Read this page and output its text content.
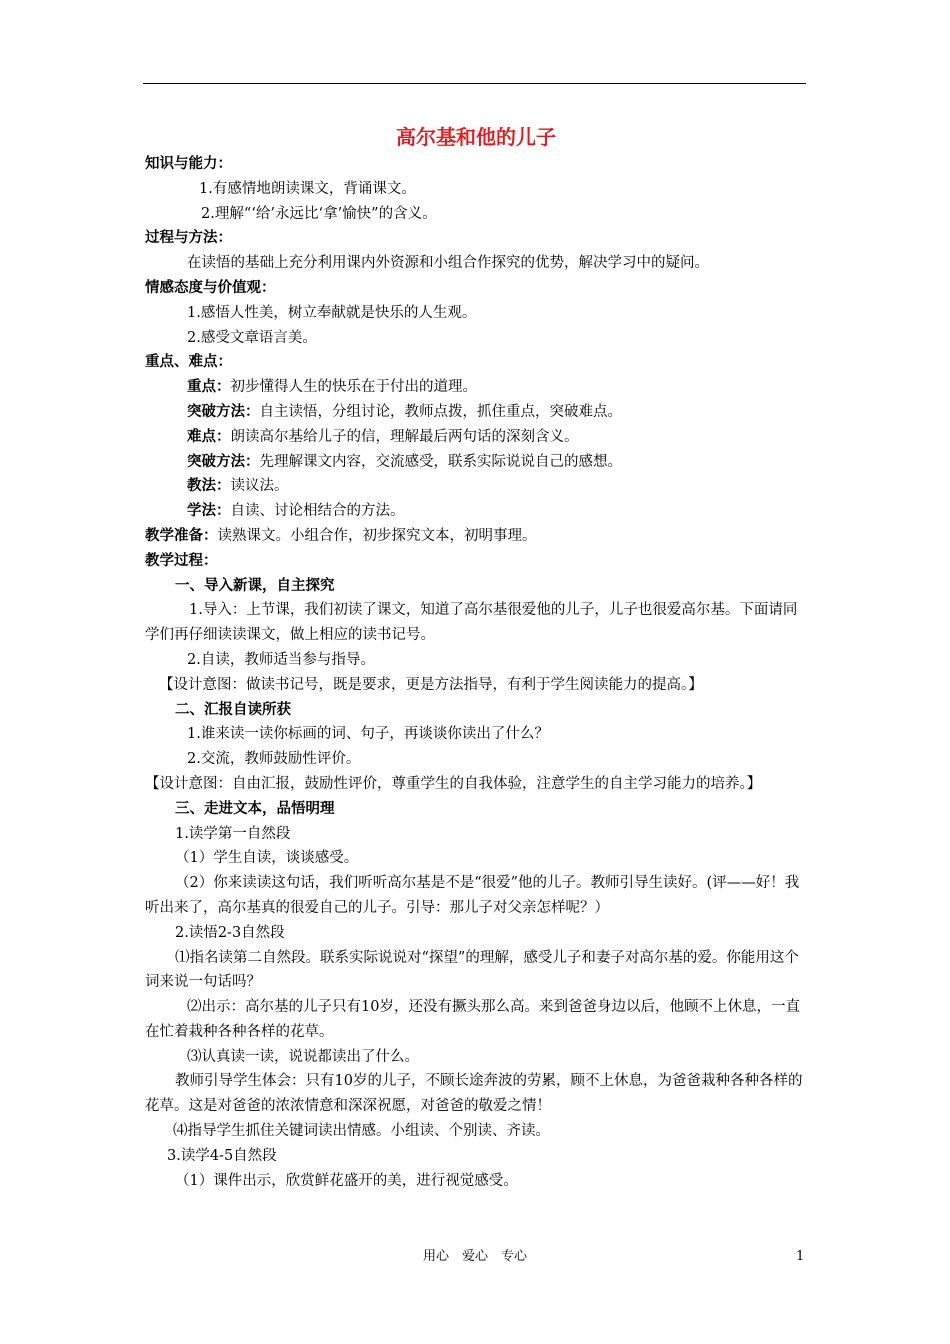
高尔基和他的儿子

知识与能力：

1.有感情地朗读课文，背诵课文。

2.理解“‘给’永远比‘拿’愉快”的含义。

过程与方法：

在读悟的基础上充分利用课内外资源和小组合作探究的优势，解决学习中的疑问。

情感态度与价值观：

1.感悟人性美，树立奉献就是快乐的人生观。

2.感受文章语言美。

重点、难点：

重点：初步懂得人生的快乐在于付出的道理。

突破方法：自主读悟，分组讨论，教师点拨，抓住重点，突破难点。

难点：朗读高尔基给儿子的信，理解最后两句话的深刻含义。

突破方法：先理解课文内容，交流感受，联系实际说说自己的感想。

教法：读议法。

学法：自读、讨论相结合的方法。

教学准备：读熟课文。小组合作，初步探究文本，初明事理。

教学过程：

一、导入新课，自主探究

1.导入：上节课，我们初读了课文，知道了高尔基很爱他的儿子，儿子也很爱高尔基。下面请同学们再仔细读读课文，做上相应的读书记号。

2.自读，教师适当参与指导。

【设计意图：做读书记号，既是要求，更是方法指导，有利于学生阅读能力的提高。】

二、汇报自读所获

1.谁来读一读你标画的词、句子，再谈谈你读出了什么？

2.交流，教师鼓励性评价。

【设计意图：自由汇报，鼓励性评价，尊重学生的自我体验，注意学生的自主学习能力的培养。】

三、走进文本，品悟明理

1.读学第一自然段

（1）学生自读，谈谈感受。

（2）你来读读这句话，我们听听高尔基是不是“很爱”他的儿子。教师引导生读好。(评——好！我听出来了，高尔基真的很爱自己的儿子。引导：那儿子对父亲怎样呢？）

2.读悟2-3自然段

⑴指名读第二自然段。联系实际说说对“探望”的理解，感受儿子和妻子对高尔基的爱。你能用这个词来说一句话吗？

⑵出示：高尔基的儿子只有10岁，还没有撅头那么高。来到爸爸身边以后，他顾不上休息，一直在忙着栽种各种各样的花草。

⑶认真读一读，说说都读出了什么。

教师引导学生体会：只有10岁的儿子，不顾长途奔波的劳累，顾不上休息，为爸爸栽种各种各样的花草。这是对爸爸的浓浓情意和深深祝愿，对爸爸的敬爱之情！

⑷指导学生抓住关键词读出情感。小组读、个别读、齐读。

3.读学4-5自然段

（1）课件出示，欣赏鲜花盛开的美，进行视觉感受。

用心　爱心　专心	1
